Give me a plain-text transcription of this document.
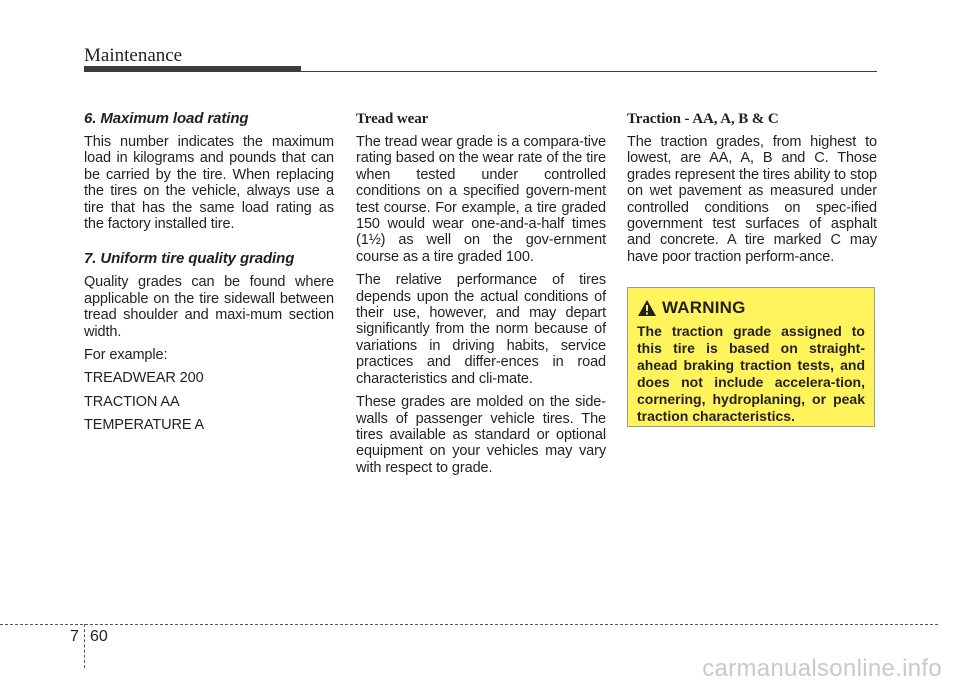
Maintenance
6. Maximum load rating

This number indicates the maximum load in kilograms and pounds that can be carried by the tire. When replacing the tires on the vehicle, always use a tire that has the same load rating as the factory installed tire.

7. Uniform tire quality grading

Quality grades can be found where applicable on the tire sidewall between tread shoulder and maxi-mum section width.

For example:

TREADWEAR 200

TRACTION AA

TEMPERATURE A

Tread wear

The tread wear grade is a compara-tive rating based on the wear rate of the tire when tested under controlled conditions on a specified govern-ment test course. For example, a tire graded 150 would wear one-and-a-half times (1½) as well on the gov-ernment course as a tire graded 100.

The relative performance of tires depends upon the actual conditions of their use, however, and may depart significantly from the norm because of variations in driving habits, service practices and differ-ences in road characteristics and cli-mate.

These grades are molded on the side-walls of passenger vehicle tires. The tires available as standard or optional equipment on your vehicles may vary with respect to grade.

Traction - AA, A, B & C

The traction grades, from highest to lowest, are AA, A, B and C. Those grades represent the tires ability to stop on wet pavement as measured under controlled conditions on spec-ified government test surfaces of asphalt and concrete. A tire marked C may have poor traction perform-ance.

WARNING

The traction grade assigned to this tire is based on straight-ahead braking traction tests, and does not include accelera-tion, cornering, hydroplaning, or peak traction characteristics.

7 60
carmanualsonline.info
